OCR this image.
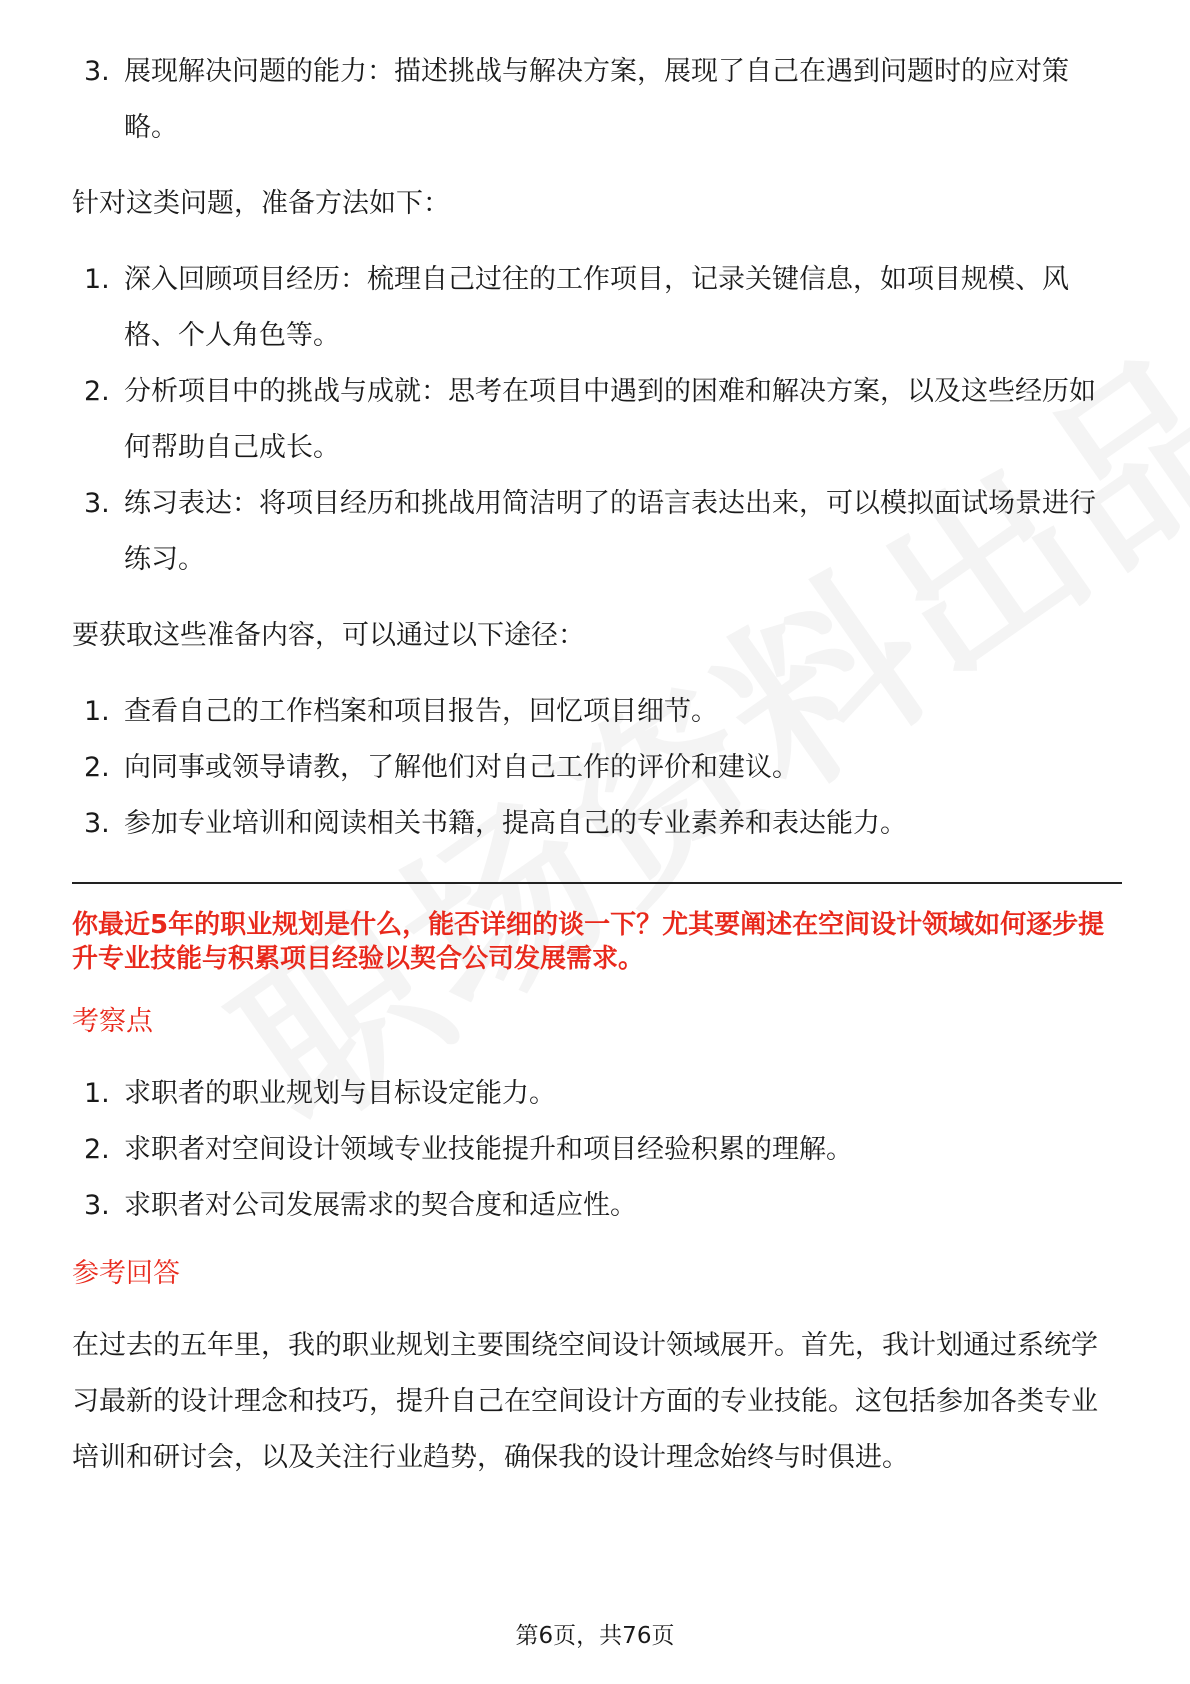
3. 展现解决问题的能力：描述挑战与解决方案，展现了自己在遇到问题时的应对策略。

针对这类问题，准备方法如下：

1. 深入回顾项目经历：梳理自己过往的工作项目，记录关键信息，如项目规模、风格、个人角色等。
2. 分析项目中的挑战与成就：思考在项目中遇到的困难和解决方案，以及这些经历如何帮助自己成长。
3. 练习表达：将项目经历和挑战用简洁明了的语言表达出来，可以模拟面试场景进行练习。

要获取这些准备内容，可以通过以下途径：

1. 查看自己的工作档案和项目报告，回忆项目细节。
2. 向同事或领导请教，了解他们对自己工作的评价和建议。
3. 参加专业培训和阅读相关书籍，提高自己的专业素养和表达能力。

你最近5年的职业规划是什么，能否详细的谈一下？尤其要阐述在空间设计领域如何逐步提升专业技能与积累项目经验以契合公司发展需求。

考察点

1. 求职者的职业规划与目标设定能力。
2. 求职者对空间设计领域专业技能提升和项目经验积累的理解。
3. 求职者对公司发展需求的契合度和适应性。

参考回答

在过去的五年里，我的职业规划主要围绕空间设计领域展开。首先，我计划通过系统学习最新的设计理念和技巧，提升自己在空间设计方面的专业技能。这包括参加各类专业培训和研讨会，以及关注行业趋势，确保我的设计理念始终与时俱进。

第6页，共76页
